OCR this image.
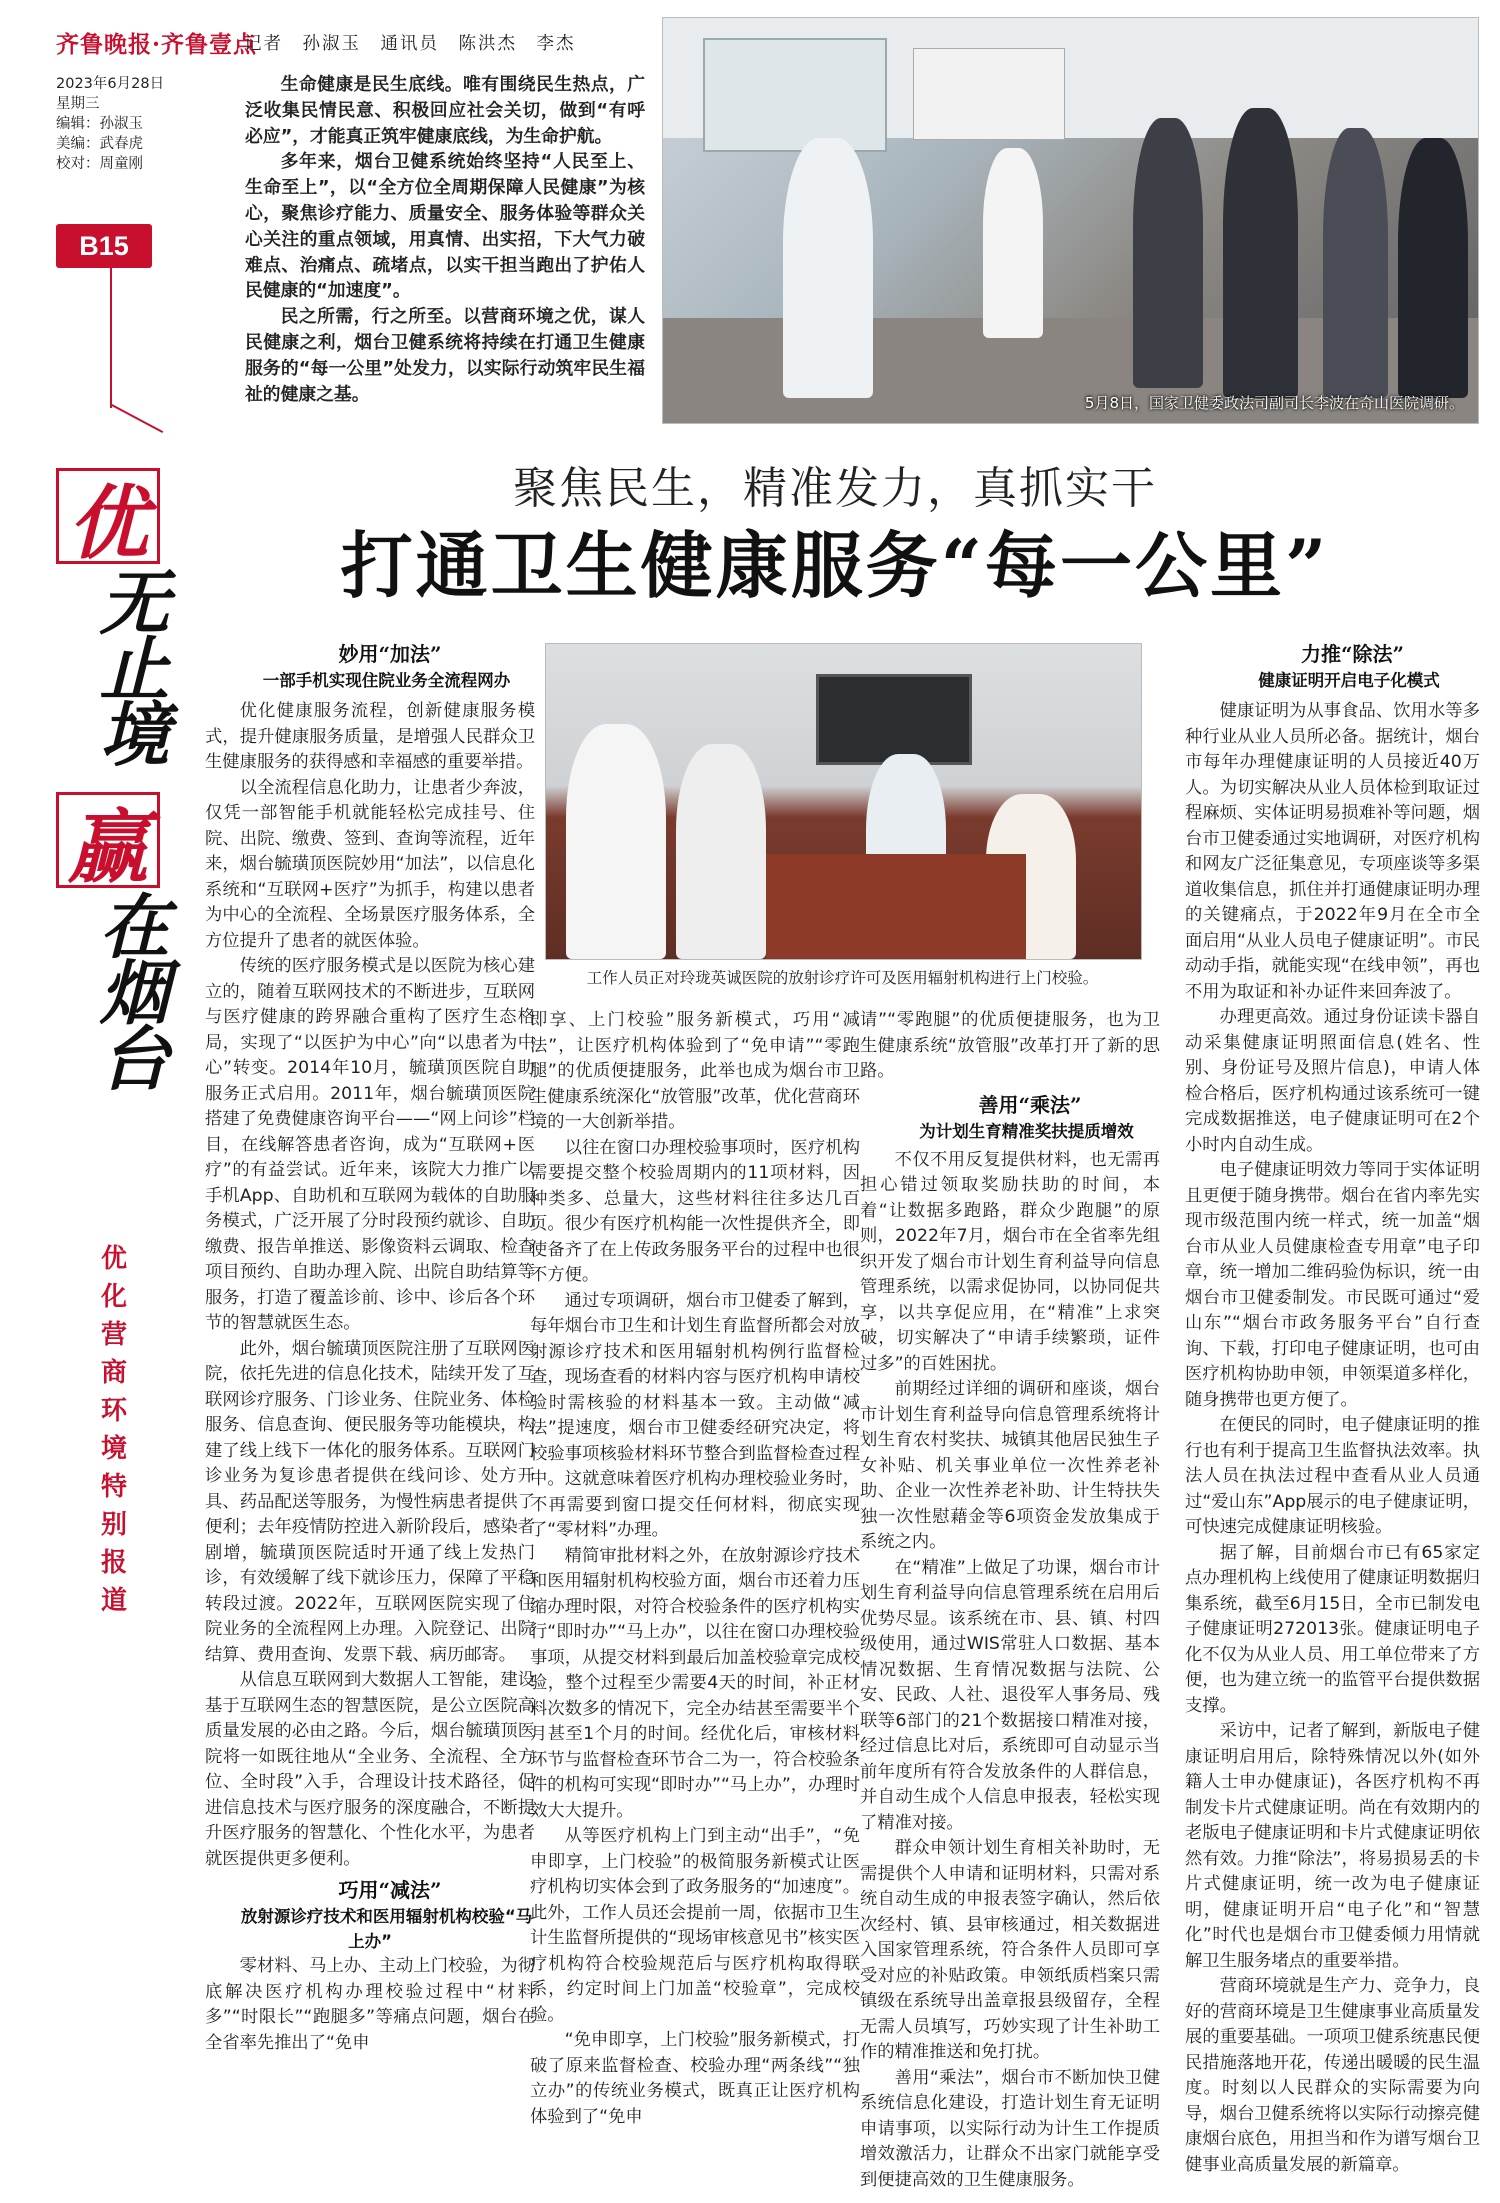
齐鲁晚报·齐鲁壹点
2023年6月28日
星期三
编辑：孙淑玉
美编：武春虎
校对：周童刚
记者　孙淑玉　通讯员　陈洪杰　李杰
B15
优
无止境
赢
在烟台
优化营商环境特别报道

生命健康是民生底线。唯有围绕民生热点，广泛收集民情民意、积极回应社会关切，做到“有呼必应”，才能真正筑牢健康底线，为生命护航。

多年来，烟台卫健系统始终坚持“人民至上、生命至上”，以“全方位全周期保障人民健康”为核心，聚焦诊疗能力、质量安全、服务体验等群众关心关注的重点领域，用真情、出实招，下大气力破难点、治痛点、疏堵点，以实干担当跑出了护佑人民健康的“加速度”。

民之所需，行之所至。以营商环境之优，谋人民健康之利，烟台卫健系统将持续在打通卫生健康服务的“每一公里”处发力，以实际行动筑牢民生福祉的健康之基。	5月8日，国家卫健委政法司副司长李波在奇山医院调研。
聚焦民生，精准发力，真抓实干
打通卫生健康服务“每一公里”
工作人员正对玲珑英诚医院的放射诊疗许可及医用辐射机构进行上门校验。

妙用“加法”

一部手机实现住院业务全流程网办

优化健康服务流程，创新健康服务模式，提升健康服务质量，是增强人民群众卫生健康服务的获得感和幸福感的重要举措。

以全流程信息化助力，让患者少奔波，仅凭一部智能手机就能轻松完成挂号、住院、出院、缴费、签到、查询等流程，近年来，烟台毓璜顶医院妙用“加法”，以信息化系统和“互联网+医疗”为抓手，构建以患者为中心的全流程、全场景医疗服务体系，全方位提升了患者的就医体验。

传统的医疗服务模式是以医院为核心建立的，随着互联网技术的不断进步，互联网与医疗健康的跨界融合重构了医疗生态格局，实现了“以医护为中心”向“以患者为中心”转变。2014年10月，毓璜顶医院自助服务正式启用。2011年，烟台毓璜顶医院搭建了免费健康咨询平台——“网上问诊”栏目，在线解答患者咨询，成为“互联网+医疗”的有益尝试。近年来，该院大力推广以手机App、自助机和互联网为载体的自助服务模式，广泛开展了分时段预约就诊、自助缴费、报告单推送、影像资料云调取、检查项目预约、自助办理入院、出院自助结算等服务，打造了覆盖诊前、诊中、诊后各个环节的智慧就医生态。

此外，烟台毓璜顶医院注册了互联网医院，依托先进的信息化技术，陆续开发了互联网诊疗服务、门诊业务、住院业务、体检服务、信息查询、便民服务等功能模块，构建了线上线下一体化的服务体系。互联网门诊业务为复诊患者提供在线问诊、处方开具、药品配送等服务，为慢性病患者提供了便利；去年疫情防控进入新阶段后，感染者剧增，毓璜顶医院适时开通了线上发热门诊，有效缓解了线下就诊压力，保障了平稳转段过渡。2022年，互联网医院实现了住院业务的全流程网上办理。入院登记、出院结算、费用查询、发票下载、病历邮寄。

从信息互联网到大数据人工智能，建设基于互联网生态的智慧医院，是公立医院高质量发展的必由之路。今后，烟台毓璜顶医院将一如既往地从“全业务、全流程、全方位、全时段”入手，合理设计技术路径，促进信息技术与医疗服务的深度融合，不断提升医疗服务的智慧化、个性化水平，为患者就医提供更多便利。

巧用“减法”

放射源诊疗技术和医用辐射机构校验“马上办”

零材料、马上办、主动上门校验，为彻底解决医疗机构办理校验过程中“材料多”“时限长”“跑腿多”等痛点问题，烟台在全省率先推出了“免申

即享、上门校验”服务新模式，巧用“减法”，让医疗机构体验到了“免申请”“零跑腿”的优质便捷服务，此举也成为烟台市卫生健康系统深化“放管服”改革，优化营商环境的一大创新举措。

以往在窗口办理校验事项时，医疗机构需要提交整个校验周期内的11项材料，因种类多、总量大，这些材料往往多达几百页。很少有医疗机构能一次性提供齐全，即使备齐了在上传政务服务平台的过程中也很不方便。

通过专项调研，烟台市卫健委了解到，每年烟台市卫生和计划生育监督所都会对放射源诊疗技术和医用辐射机构例行监督检查，现场查看的材料内容与医疗机构申请校验时需核验的材料基本一致。主动做“减法”提速度，烟台市卫健委经研究决定，将校验事项核验材料环节整合到监督检查过程中。这就意味着医疗机构办理校验业务时，不再需要到窗口提交任何材料，彻底实现了“零材料”办理。

精简审批材料之外，在放射源诊疗技术和医用辐射机构校验方面，烟台市还着力压缩办理时限，对符合校验条件的医疗机构实行“即时办”“马上办”，以往在窗口办理校验事项，从提交材料到最后加盖校验章完成校验，整个过程至少需要4天的时间，补正材料次数多的情况下，完全办结甚至需要半个月甚至1个月的时间。经优化后，审核材料环节与监督检查环节合二为一，符合校验条件的机构可实现“即时办”“马上办”，办理时效大大提升。

从等医疗机构上门到主动“出手”，“免申即享，上门校验”的极简服务新模式让医疗机构切实体会到了政务服务的“加速度”。此外，工作人员还会提前一周，依据市卫生计生监督所提供的“现场审核意见书”核实医疗机构符合校验规范后与医疗机构取得联系，约定时间上门加盖“校验章”，完成校验。

“免申即享，上门校验”服务新模式，打破了原来监督检查、校验办理“两条线”“独立办”的传统业务模式，既真正让医疗机构体验到了“免申

请”“零跑腿”的优质便捷服务，也为卫生健康系统“放管服”改革打开了新的思路。

善用“乘法”

为计划生育精准奖扶提质增效

不仅不用反复提供材料，也无需再担心错过领取奖励扶助的时间，本着“让数据多跑路，群众少跑腿”的原则，2022年7月，烟台市在全省率先组织开发了烟台市计划生育利益导向信息管理系统，以需求促协同，以协同促共享，以共享促应用，在“精准”上求突破，切实解决了“申请手续繁琐，证件过多”的百姓困扰。

前期经过详细的调研和座谈，烟台市计划生育利益导向信息管理系统将计划生育农村奖扶、城镇其他居民独生子女补贴、机关事业单位一次性养老补助、企业一次性养老补助、计生特扶失独一次性慰藉金等6项资金发放集成于系统之内。

在“精准”上做足了功课，烟台市计划生育利益导向信息管理系统在启用后优势尽显。该系统在市、县、镇、村四级使用，通过WIS常驻人口数据、基本情况数据、生育情况数据与法院、公安、民政、人社、退役军人事务局、残联等6部门的21个数据接口精准对接，经过信息比对后，系统即可自动显示当前年度所有符合发放条件的人群信息，并自动生成个人信息申报表，轻松实现了精准对接。

群众申领计划生育相关补助时，无需提供个人申请和证明材料，只需对系统自动生成的申报表签字确认，然后依次经村、镇、县审核通过，相关数据进入国家管理系统，符合条件人员即可享受对应的补贴政策。申领纸质档案只需镇级在系统导出盖章报县级留存，全程无需人员填写，巧妙实现了计生补助工作的精准推送和免打扰。

善用“乘法”，烟台市不断加快卫健系统信息化建设，打造计划生育无证明申请事项，以实际行动为计生工作提质增效激活力，让群众不出家门就能享受到便捷高效的卫生健康服务。

力推“除法”

健康证明开启电子化模式

健康证明为从事食品、饮用水等多种行业从业人员所必备。据统计，烟台市每年办理健康证明的人员接近40万人。为切实解决从业人员体检到取证过程麻烦、实体证明易损难补等问题，烟台市卫健委通过实地调研，对医疗机构和网友广泛征集意见，专项座谈等多渠道收集信息，抓住并打通健康证明办理的关键痛点，于2022年9月在全市全面启用“从业人员电子健康证明”。市民动动手指，就能实现“在线申领”，再也不用为取证和补办证件来回奔波了。

办理更高效。通过身份证读卡器自动采集健康证明照面信息(姓名、性别、身份证号及照片信息)，申请人体检合格后，医疗机构通过该系统可一键完成数据推送，电子健康证明可在2个小时内自动生成。

电子健康证明效力等同于实体证明且更便于随身携带。烟台在省内率先实现市级范围内统一样式，统一加盖“烟台市从业人员健康检查专用章”电子印章，统一增加二维码验伪标识，统一由烟台市卫健委制发。市民既可通过“爱山东”“烟台市政务服务平台”自行查询、下载，打印电子健康证明，也可由医疗机构协助申领，申领渠道多样化，随身携带也更方便了。

在便民的同时，电子健康证明的推行也有利于提高卫生监督执法效率。执法人员在执法过程中查看从业人员通过“爱山东”App展示的电子健康证明，可快速完成健康证明核验。

据了解，目前烟台市已有65家定点办理机构上线使用了健康证明数据归集系统，截至6月15日，全市已制发电子健康证明272013张。健康证明电子化不仅为从业人员、用工单位带来了方便，也为建立统一的监管平台提供数据支撑。

采访中，记者了解到，新版电子健康证明启用后，除特殊情况以外(如外籍人士申办健康证)，各医疗机构不再制发卡片式健康证明。尚在有效期内的老版电子健康证明和卡片式健康证明依然有效。力推“除法”，将易损易丢的卡片式健康证明，统一改为电子健康证明，健康证明开启“电子化”和“智慧化”时代也是烟台市卫健委倾力用情就解卫生服务堵点的重要举措。

营商环境就是生产力、竞争力，良好的营商环境是卫生健康事业高质量发展的重要基础。一项项卫健系统惠民便民措施落地开花，传递出暖暖的民生温度。时刻以人民群众的实际需要为向导，烟台卫健系统将以实际行动擦亮健康烟台底色，用担当和作为谱写烟台卫健事业高质量发展的新篇章。
